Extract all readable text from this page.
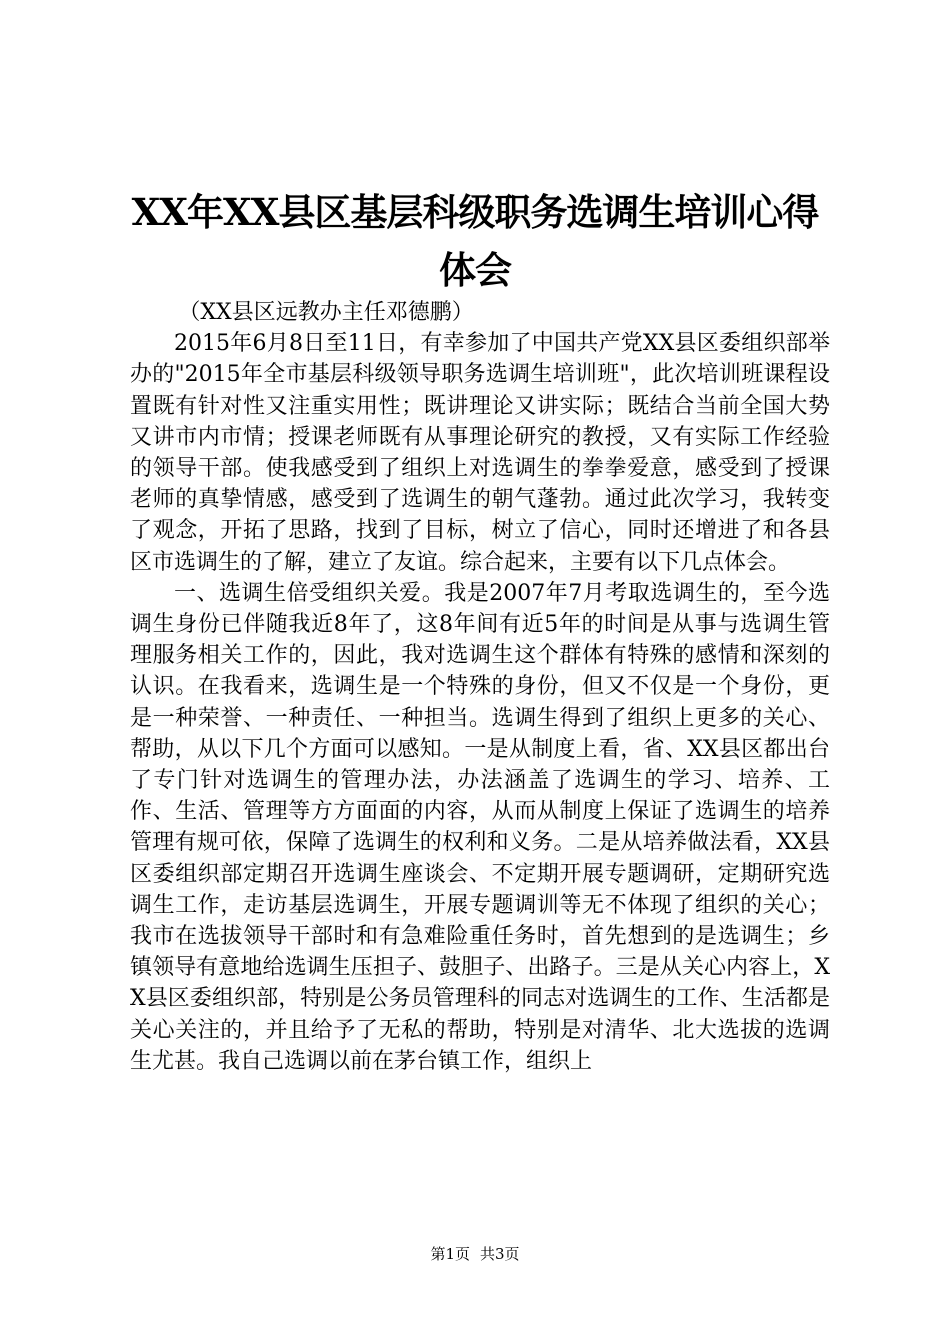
XX年XX县区基层科级职务选调生培训心得体会

（XX县区远教办主任邓德鹏）

2015年6月8日至11日，有幸参加了中国共产党XX县区委组织部举办的"2015年全市基层科级领导职务选调生培训班"，此次培训班课程设置既有针对性又注重实用性；既讲理论又讲实际；既结合当前全国大势又讲市内市情；授课老师既有从事理论研究的教授，又有实际工作经验的领导干部。使我感受到了组织上对选调生的拳拳爱意，感受到了授课老师的真挚情感，感受到了选调生的朝气蓬勃。通过此次学习，我转变了观念，开拓了思路，找到了目标，树立了信心，同时还增进了和各县区市选调生的了解，建立了友谊。综合起来，主要有以下几点体会。

一、选调生倍受组织关爱。我是2007年7月考取选调生的，至今选调生身份已伴随我近8年了，这8年间有近5年的时间是从事与选调生管理服务相关工作的，因此，我对选调生这个群体有特殊的感情和深刻的认识。在我看来，选调生是一个特殊的身份，但又不仅是一个身份，更是一种荣誉、一种责任、一种担当。选调生得到了组织上更多的关心、帮助，从以下几个方面可以感知。一是从制度上看，省、XX县区都出台了专门针对选调生的管理办法，办法涵盖了选调生的学习、培养、工作、生活、管理等方方面面的内容，从而从制度上保证了选调生的培养管理有规可依，保障了选调生的权利和义务。二是从培养做法看，XX县区委组织部定期召开选调生座谈会、不定期开展专题调研，定期研究选调生工作，走访基层选调生，开展专题调训等无不体现了组织的关心；我市在选拔领导干部时和有急难险重任务时，首先想到的是选调生；乡镇领导有意地给选调生压担子、鼓胆子、出路子。三是从关心内容上，XX县区委组织部，特别是公务员管理科的同志对选调生的工作、生活都是关心关注的，并且给予了无私的帮助，特别是对清华、北大选拔的选调生尤甚。我自己选调以前在茅台镇工作，组织上

第1页 共3页
